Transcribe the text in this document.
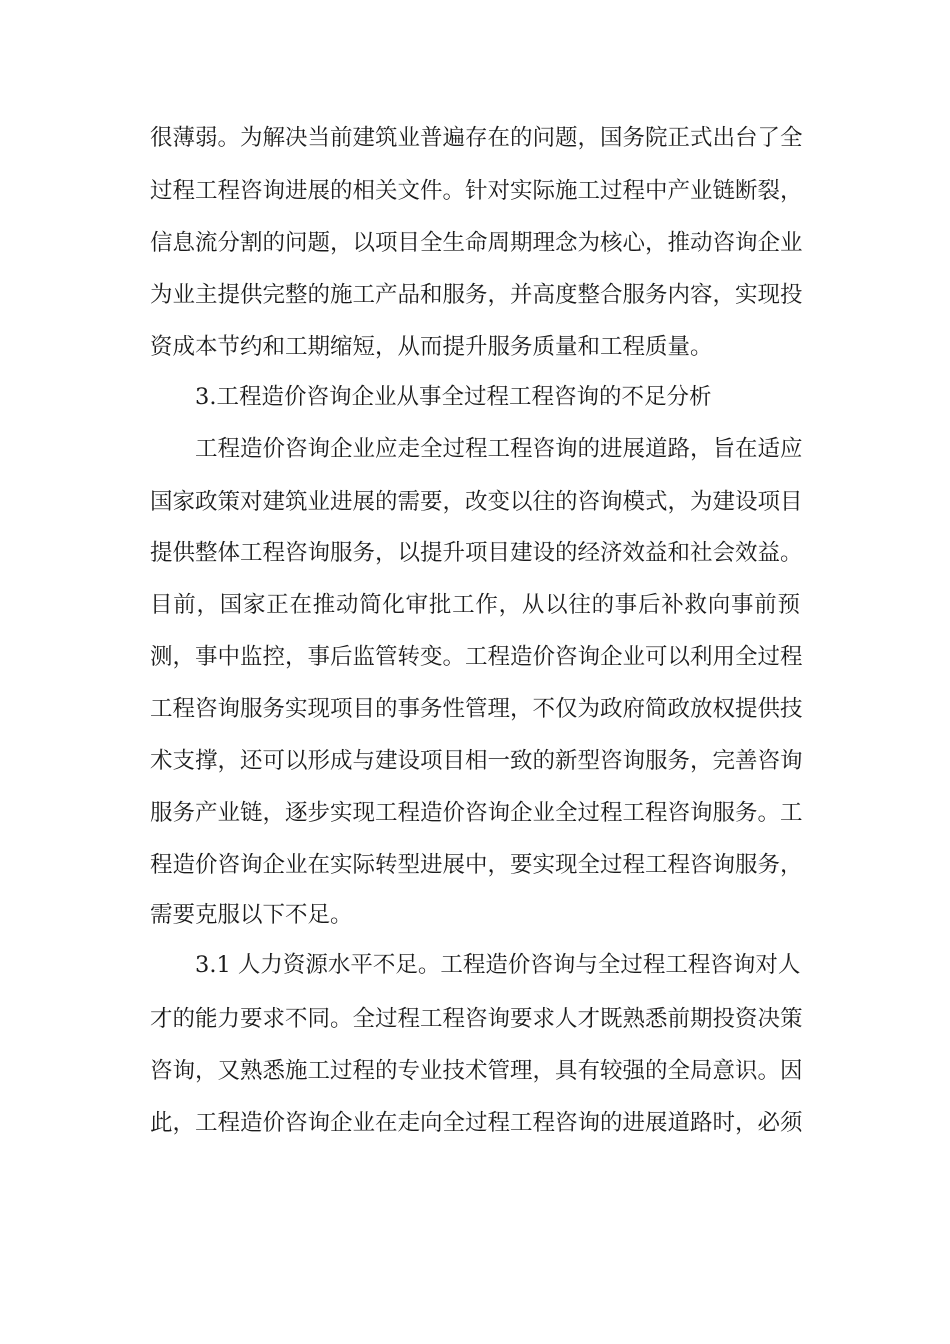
很薄弱。为解决当前建筑业普遍存在的问题，国务院正式出台了全
过程工程咨询进展的相关文件。针对实际施工过程中产业链断裂，
信息流分割的问题，以项目全生命周期理念为核心，推动咨询企业
为业主提供完整的施工产品和服务，并高度整合服务内容，实现投
资成本节约和工期缩短，从而提升服务质量和工程质量。
3.工程造价咨询企业从事全过程工程咨询的不足分析
工程造价咨询企业应走全过程工程咨询的进展道路，旨在适应
国家政策对建筑业进展的需要，改变以往的咨询模式，为建设项目
提供整体工程咨询服务，以提升项目建设的经济效益和社会效益。
目前，国家正在推动简化审批工作，从以往的事后补救向事前预
测，事中监控，事后监管转变。工程造价咨询企业可以利用全过程
工程咨询服务实现项目的事务性管理，不仅为政府简政放权提供技
术支撑，还可以形成与建设项目相一致的新型咨询服务，完善咨询
服务产业链，逐步实现工程造价咨询企业全过程工程咨询服务。工
程造价咨询企业在实际转型进展中，要实现全过程工程咨询服务，
需要克服以下不足。
3.1 人力资源水平不足。工程造价咨询与全过程工程咨询对人
才的能力要求不同。全过程工程咨询要求人才既熟悉前期投资决策
咨询，又熟悉施工过程的专业技术管理，具有较强的全局意识。因
此，工程造价咨询企业在走向全过程工程咨询的进展道路时，必须
